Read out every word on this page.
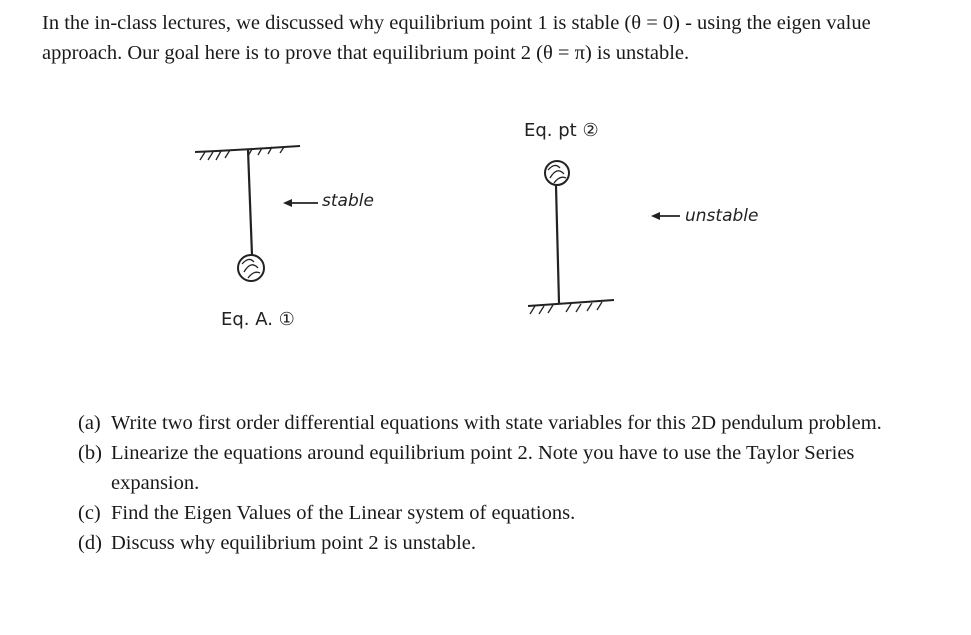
In the in-class lectures, we discussed why equilibrium point 1 is stable (θ = 0) - using the eigen value approach. Our goal here is to prove that equilibrium point 2 (θ = π) is unstable.

stable
Eq. A. ①
Eq. pt ②
unstable
(a) Write two first order differential equations with state variables for this 2D pendulum problem.
(b) Linearize the equations around equilibrium point 2. Note you have to use the Taylor Series expansion.
(c) Find the Eigen Values of the Linear system of equations.
(d) Discuss why equilibrium point 2 is unstable.
